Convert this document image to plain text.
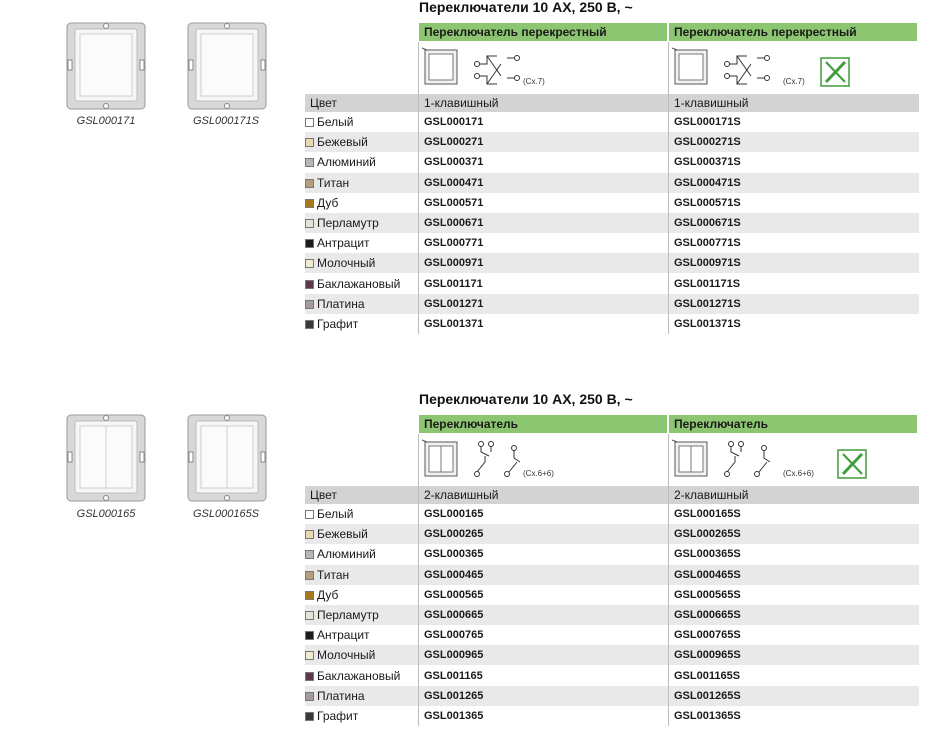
GSL000171	GSL000171S
Переключатели 10 АХ, 250 В, ~
Переключатель перекрестный	Переключатель перекрестный
(Сх.7)	(Сх.7)
Цвет	1-клавишный	1-клавишный
Белый	GSL000171	GSL000171S
Бежевый	GSL000271	GSL000271S
Алюминий	GSL000371	GSL000371S
Титан	GSL000471	GSL000471S
Дуб	GSL000571	GSL000571S
Перламутр	GSL000671	GSL000671S
Антрацит	GSL000771	GSL000771S
Молочный	GSL000971	GSL000971S
Баклажановый	GSL001171	GSL001171S
Платина	GSL001271	GSL001271S
Графит	GSL001371	GSL001371S
GSL000165	GSL000165S
Переключатели 10 АХ, 250 В, ~
Переключатель	Переключатель
(Сх.6+6)	(Сх.6+6)
Цвет	2-клавишный	2-клавишный
Белый	GSL000165	GSL000165S
Бежевый	GSL000265	GSL000265S
Алюминий	GSL000365	GSL000365S
Титан	GSL000465	GSL000465S
Дуб	GSL000565	GSL000565S
Перламутр	GSL000665	GSL000665S
Антрацит	GSL000765	GSL000765S
Молочный	GSL000965	GSL000965S
Баклажановый	GSL001165	GSL001165S
Платина	GSL001265	GSL001265S
Графит	GSL001365	GSL001365S
